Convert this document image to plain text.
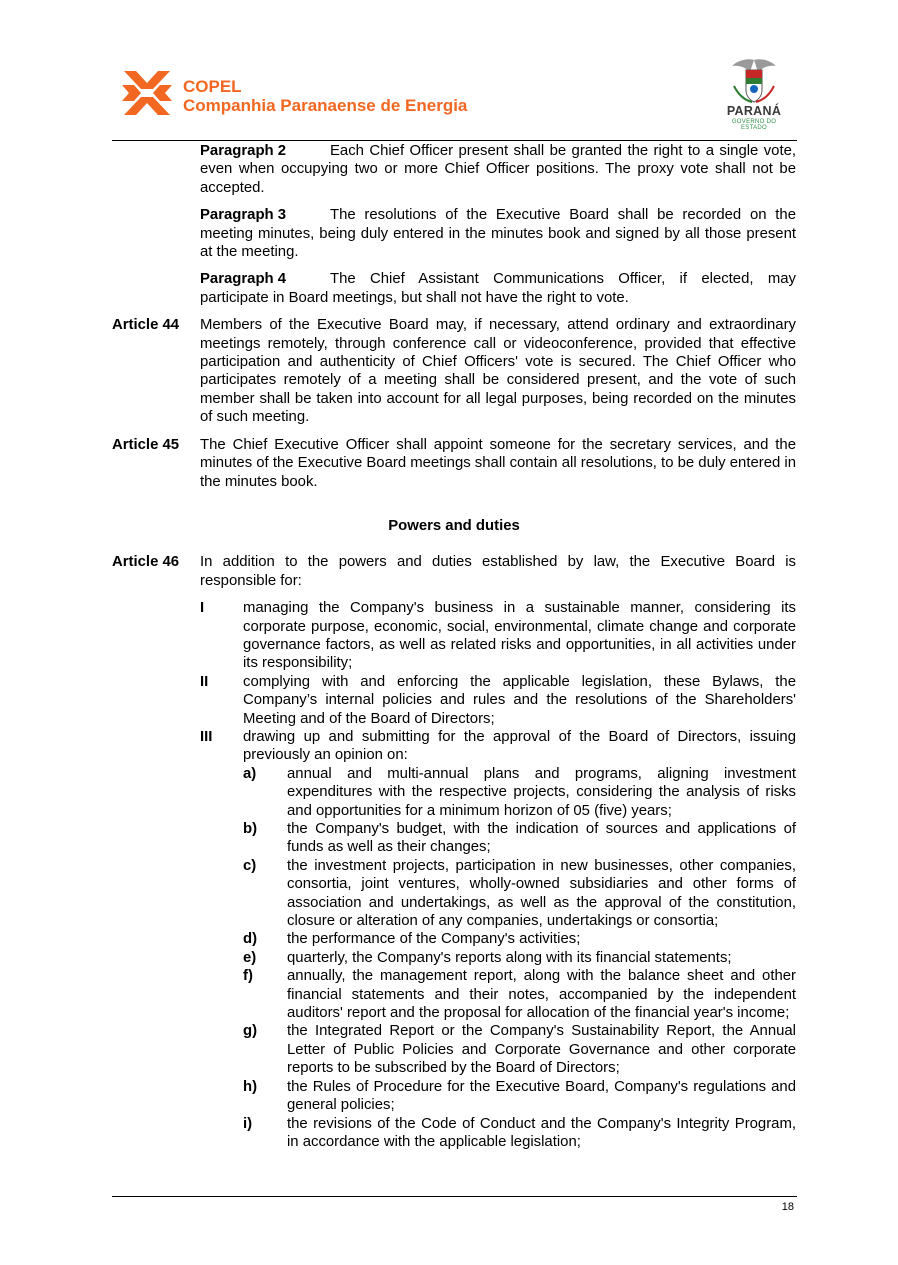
COPEL
Companhia Paranaense de Energia	PARANÁ
GOVERNO DO ESTADO
Paragraph 2	Each Chief Officer present shall be granted the right to a single vote, even when occupying two or more Chief Officer positions. The proxy vote shall not be accepted.
Paragraph 3	The resolutions of the Executive Board shall be recorded on the meeting minutes, being duly entered in the minutes book and signed by all those present at the meeting.
Paragraph 4	The Chief Assistant Communications Officer, if elected, may participate in Board meetings, but shall not have the right to vote.
Article 44	Members of the Executive Board may, if necessary, attend ordinary and extraordinary meetings remotely, through conference call or videoconference, provided that effective participation and authenticity of Chief Officers' vote is secured. The Chief Officer who participates remotely of a meeting shall be considered present, and the vote of such member shall be taken into account for all legal purposes, being recorded on the minutes of such meeting.
Article 45	The Chief Executive Officer shall appoint someone for the secretary services, and the minutes of the Executive Board meetings shall contain all resolutions, to be duly entered in the minutes book.
Powers and duties
Article 46	In addition to the powers and duties established by law, the Executive Board is responsible for:
I	managing the Company's business in a sustainable manner, considering its corporate purpose, economic, social, environmental, climate change and corporate governance factors, as well as related risks and opportunities, in all activities under its responsibility;
II	complying with and enforcing the applicable legislation, these Bylaws, the Company’s internal policies and rules and the resolutions of the Shareholders' Meeting and of the Board of Directors;
III	drawing up and submitting for the approval of the Board of Directors, issuing previously an opinion on:
a)	annual and multi-annual plans and programs, aligning investment expenditures with the respective projects, considering the analysis of risks and opportunities for a minimum horizon of 05 (five) years;
b)	the Company's budget, with the indication of sources and applications of funds as well as their changes;
c)	the investment projects, participation in new businesses, other companies, consortia, joint ventures, wholly-owned subsidiaries and other forms of association and undertakings, as well as the approval of the constitution, closure or alteration of any companies, undertakings or consortia;
d)	the performance of the Company's activities;
e)	quarterly, the Company's reports along with its financial statements;
f)	annually, the management report, along with the balance sheet and other financial statements and their notes, accompanied by the independent auditors' report and the proposal for allocation of the financial year's income;
g)	the Integrated Report or the Company's Sustainability Report, the Annual Letter of Public Policies and Corporate Governance and other corporate reports to be subscribed by the Board of Directors;
h)	the Rules of Procedure for the Executive Board, Company's regulations and general policies;
i)	the revisions of the Code of Conduct and the Company's Integrity Program, in accordance with the applicable legislation;
18
